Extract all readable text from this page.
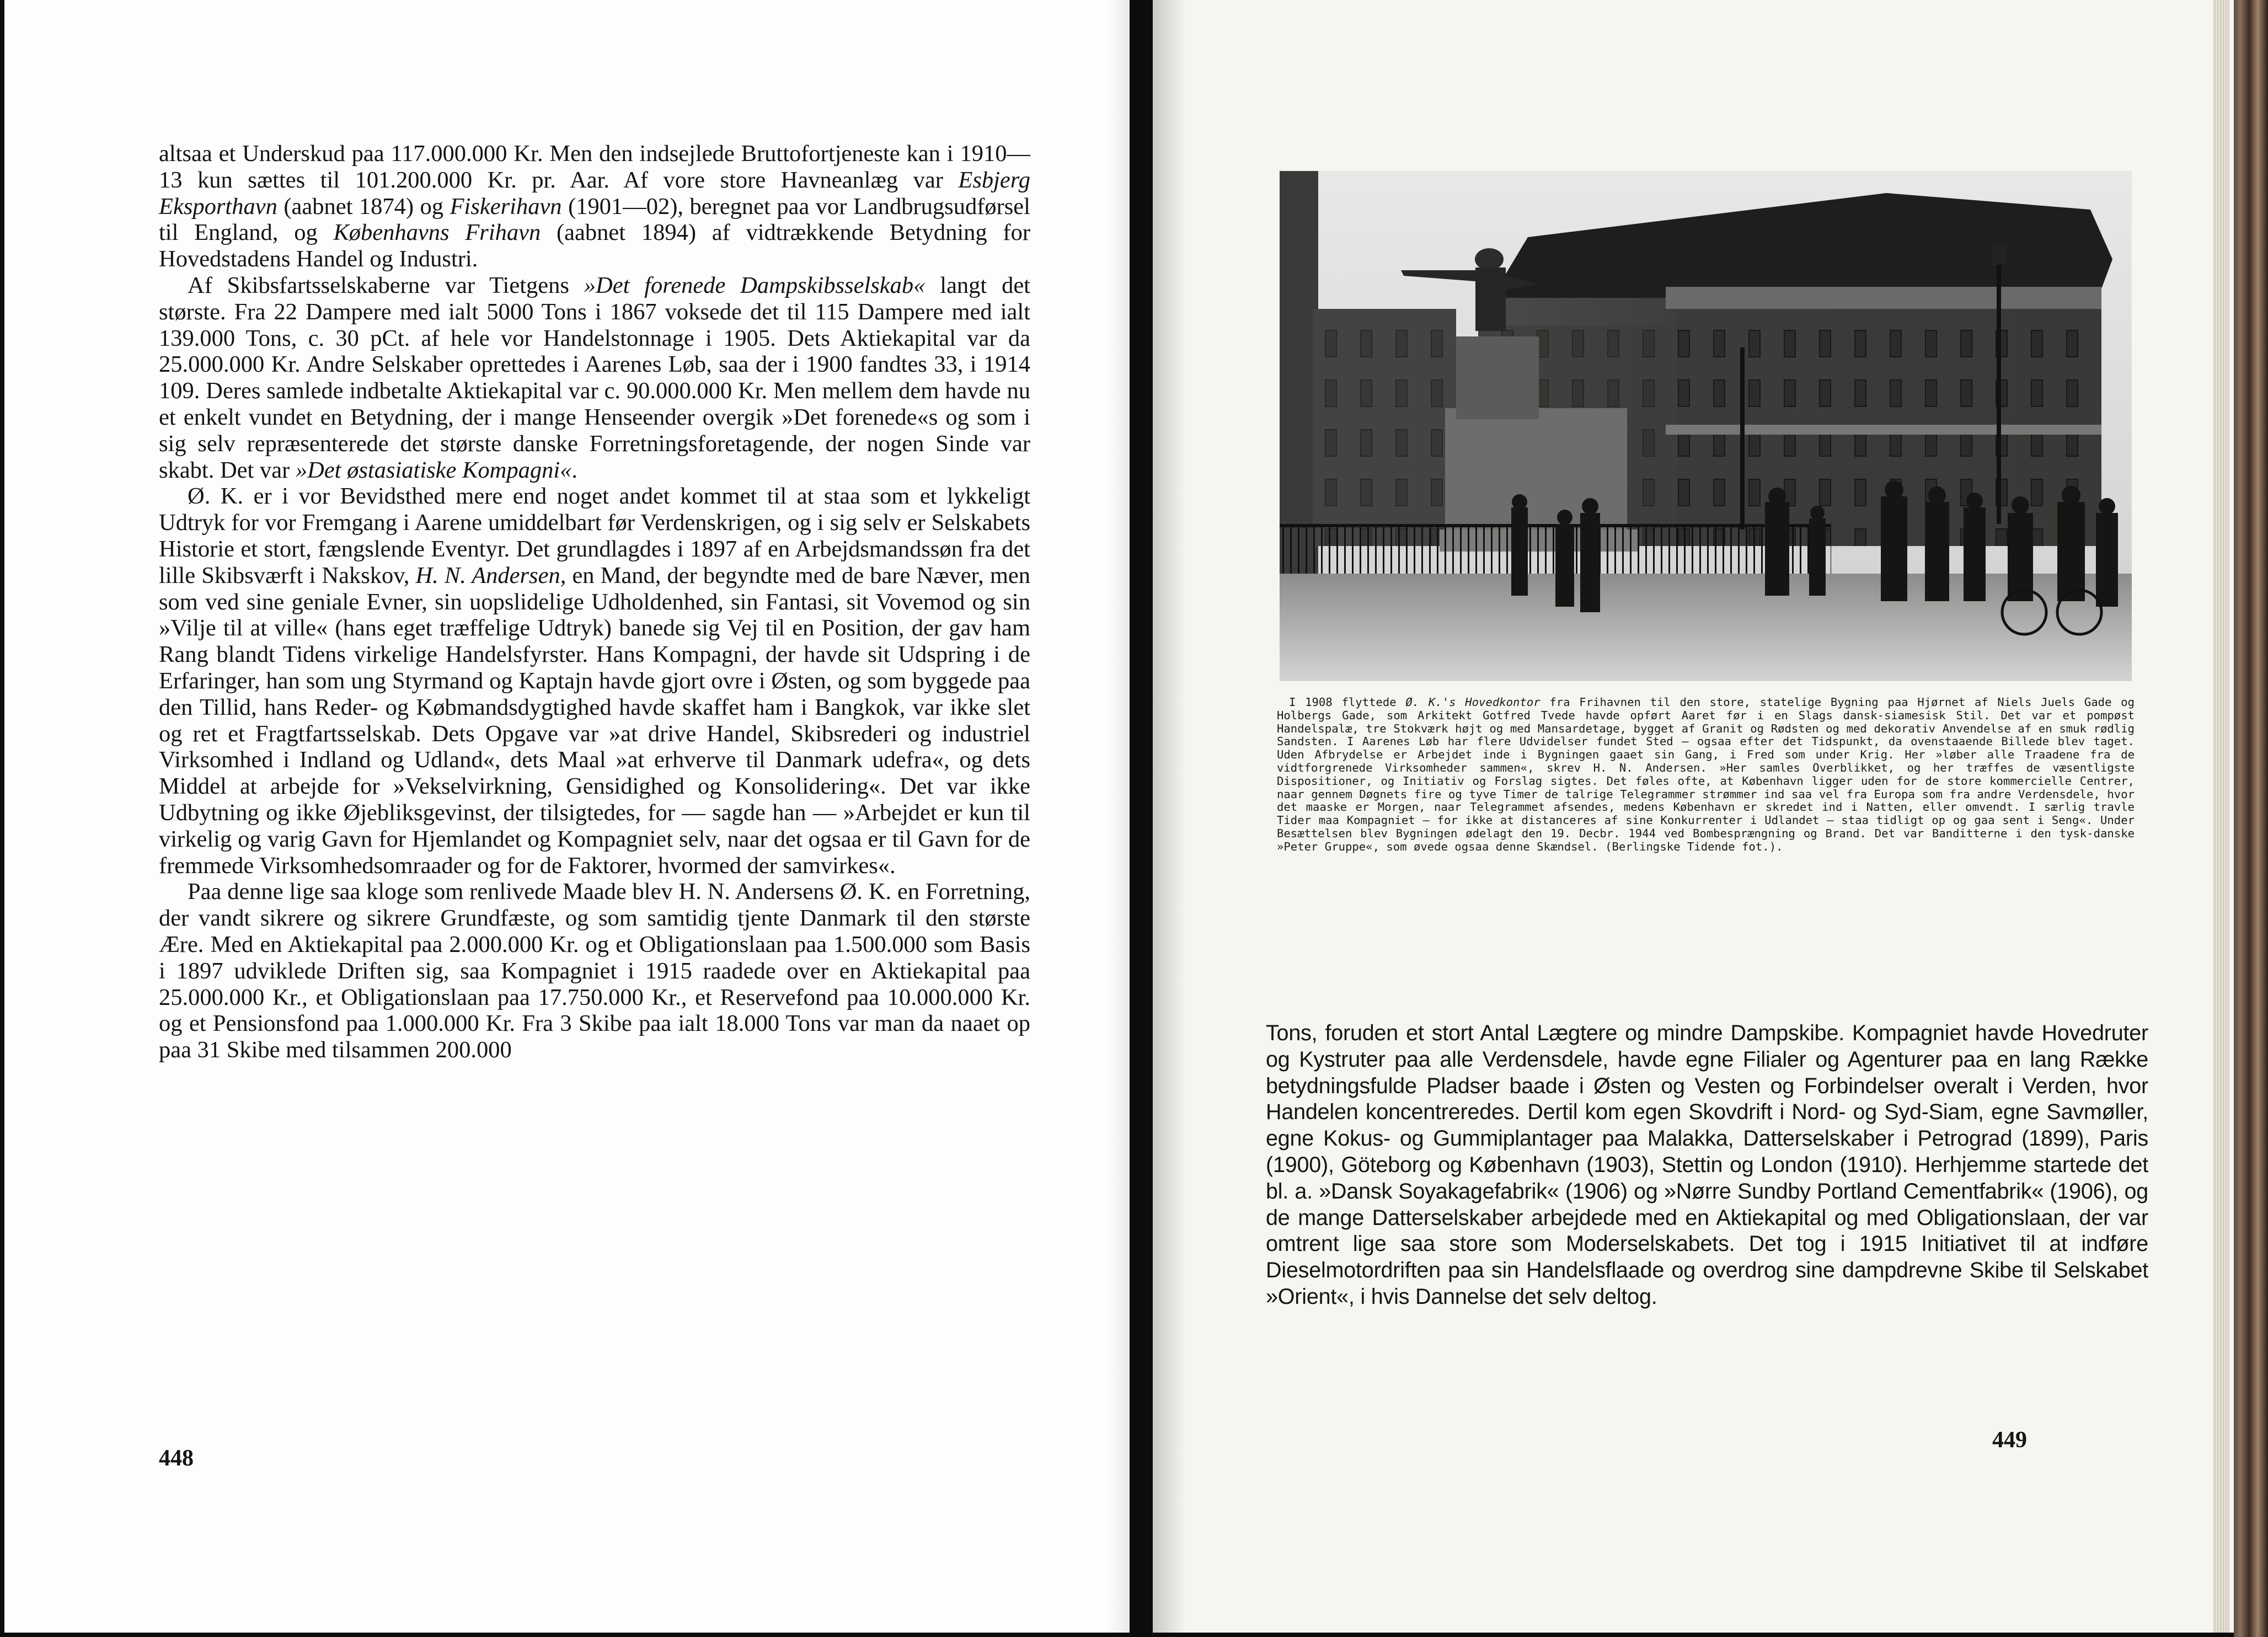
altsaa et Underskud paa 117.000.000 Kr. Men den indsejlede Bruttofortjeneste kan i 1910—13 kun sættes til 101.200.000 Kr. pr. Aar. Af vore store Havneanlæg var Esbjerg Eksporthavn (aabnet 1874) og Fiskerihavn (1901—02), beregnet paa vor Landbrugsudførsel til England, og Københavns Frihavn (aabnet 1894) af vidtrækkende Betydning for Hovedstadens Handel og Industri.

Af Skibsfartsselskaberne var Tietgens »Det forenede Dampskibsselskab« langt det største. Fra 22 Dampere med ialt 5000 Tons i 1867 voksede det til 115 Dampere med ialt 139.000 Tons, c. 30 pCt. af hele vor Handelstonnage i 1905. Dets Aktiekapital var da 25.000.000 Kr. Andre Selskaber oprettedes i Aarenes Løb, saa der i 1900 fandtes 33, i 1914 109. Deres samlede indbetalte Aktiekapital var c. 90.000.000 Kr. Men mellem dem havde nu et enkelt vundet en Betydning, der i mange Henseender overgik »Det forenede«s og som i sig selv repræsenterede det største danske Forretningsforetagende, der nogen Sinde var skabt. Det var »Det østasiatiske Kompagni«.

Ø. K. er i vor Bevidsthed mere end noget andet kommet til at staa som et lykkeligt Udtryk for vor Fremgang i Aarene umiddelbart før Verdenskrigen, og i sig selv er Selskabets Historie et stort, fængslende Eventyr. Det grundlagdes i 1897 af en Arbejdsmandssøn fra det lille Skibsværft i Nakskov, H. N. Andersen, en Mand, der begyndte med de bare Næver, men som ved sine geniale Evner, sin uopslidelige Udholdenhed, sin Fantasi, sit Vovemod og sin »Vilje til at ville« (hans eget træffelige Udtryk) banede sig Vej til en Position, der gav ham Rang blandt Tidens virkelige Handelsfyrster. Hans Kompagni, der havde sit Udspring i de Erfaringer, han som ung Styrmand og Kaptajn havde gjort ovre i Østen, og som byggede paa den Tillid, hans Reder- og Købmandsdygtighed havde skaffet ham i Bangkok, var ikke slet og ret et Fragtfartsselskab. Dets Opgave var »at drive Handel, Skibsrederi og industriel Virksomhed i Indland og Udland«, dets Maal »at erhverve til Danmark udefra«, og dets Middel at arbejde for »Vekselvirkning, Gensidighed og Konsolidering«. Det var ikke Udbytning og ikke Øjebliksgevinst, der tilsigtedes, for — sagde han — »Arbejdet er kun til virkelig og varig Gavn for Hjemlandet og Kompagniet selv, naar det ogsaa er til Gavn for de fremmede Virksomhedsomraader og for de Faktorer, hvormed der samvirkes«.

Paa denne lige saa kloge som renlivede Maade blev H. N. Andersens Ø. K. en Forretning, der vandt sikrere og sikrere Grundfæste, og som samtidig tjente Danmark til den største Ære. Med en Aktiekapital paa 2.000.000 Kr. og et Obligationslaan paa 1.500.000 som Basis i 1897 udviklede Driften sig, saa Kompagniet i 1915 raadede over en Aktiekapital paa 25.000.000 Kr., et Obligationslaan paa 17.750.000 Kr., et Reservefond paa 10.000.000 Kr. og et Pensionsfond paa 1.000.000 Kr. Fra 3 Skibe paa ialt 18.000 Tons var man da naaet op paa 31 Skibe med tilsammen 200.000

448

I 1908 flyttede Ø. K.'s Hovedkontor fra Frihavnen til den store, statelige Bygning paa Hjørnet af Niels Juels Gade og Holbergs Gade, som Arkitekt Gotfred Tvede havde opført Aaret før i en Slags dansk-siamesisk Stil. Det var et pompøst Handelspalæ, tre Stokværk højt og med Mansardetage, bygget af Granit og Rødsten og med dekorativ Anvendelse af en smuk rødlig Sandsten. I Aarenes Løb har flere Udvidelser fundet Sted — ogsaa efter det Tidspunkt, da ovenstaaende Billede blev taget. Uden Afbrydelse er Arbejdet inde i Bygningen gaaet sin Gang, i Fred som under Krig. Her »løber alle Traadene fra de vidtforgrenede Virksomheder sammen«, skrev H. N. Andersen. »Her samles Overblikket, og her træffes de væsentligste Dispositioner, og Initiativ og Forslag sigtes. Det føles ofte, at København ligger uden for de store kommercielle Centrer, naar gennem Døgnets fire og tyve Timer de talrige Telegrammer strømmer ind saa vel fra Europa som fra andre Verdensdele, hvor det maaske er Morgen, naar Telegrammet afsendes, medens København er skredet ind i Natten, eller omvendt. I særlig travle Tider maa Kompagniet — for ikke at distanceres af sine Konkurrenter i Udlandet — staa tidligt op og gaa sent i Seng«. Under Besættelsen blev Bygningen ødelagt den 19. Decbr. 1944 ved Bombesprængning og Brand. Det var Banditterne i den tysk-danske »Peter Gruppe«, som øvede ogsaa denne Skændsel. (Berlingske Tidende fot.).

Tons, foruden et stort Antal Lægtere og mindre Dampskibe. Kompagniet havde Hovedruter og Kystruter paa alle Verdensdele, havde egne Filialer og Agenturer paa en lang Række betydningsfulde Pladser baade i Østen og Vesten og Forbindelser overalt i Verden, hvor Handelen koncentreredes. Dertil kom egen Skovdrift i Nord- og Syd-Siam, egne Savmøller, egne Kokus- og Gummiplantager paa Malakka, Datterselskaber i Petrograd (1899), Paris (1900), Göteborg og København (1903), Stettin og London (1910). Herhjemme startede det bl. a. »Dansk Soyakagefabrik« (1906) og »Nørre Sundby Portland Cementfabrik« (1906), og de mange Datterselskaber arbejdede med en Aktiekapital og med Obligationslaan, der var omtrent lige saa store som Moderselskabets. Det tog i 1915 Initiativet til at indføre Dieselmotordriften paa sin Handelsflaade og overdrog sine dampdrevne Skibe til Selskabet »Orient«, i hvis Dannelse det selv deltog.

449
